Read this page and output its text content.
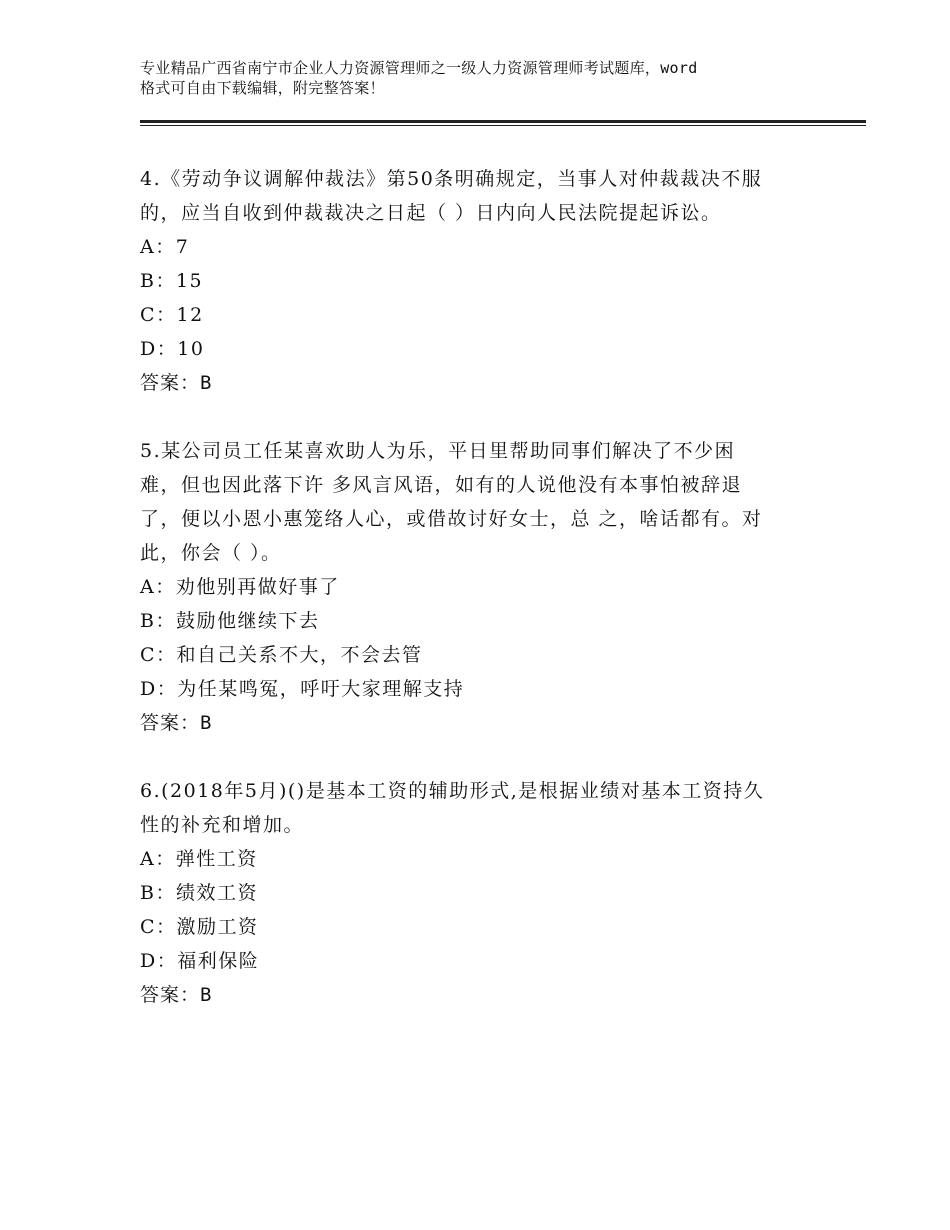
专业精品广西省南宁市企业人力资源管理师之一级人力资源管理师考试题库，word
格式可自由下载编辑，附完整答案！
4.《劳动争议调解仲裁法》第50条明确规定，当事人对仲裁裁决不服
的，应当自收到仲裁裁决之日起（ ）日内向人民法院提起诉讼。
A：7
B：15
C：12
D：10
答案：B
5.某公司员工任某喜欢助人为乐，平日里帮助同事们解决了不少困
难，但也因此落下许 多风言风语，如有的人说他没有本事怕被辞退
了，便以小恩小惠笼络人心，或借故讨好女士，总 之，啥话都有。对
此，你会（ ）。
A：劝他别再做好事了
B：鼓励他继续下去
C：和自己关系不大，不会去管
D：为任某鸣冤，呼吁大家理解支持
答案：B
6.(2018年5月)()是基本工资的辅助形式,是根据业绩对基本工资持久
性的补充和增加。
A：弹性工资
B：绩效工资
C：激励工资
D：福利保险
答案：B
